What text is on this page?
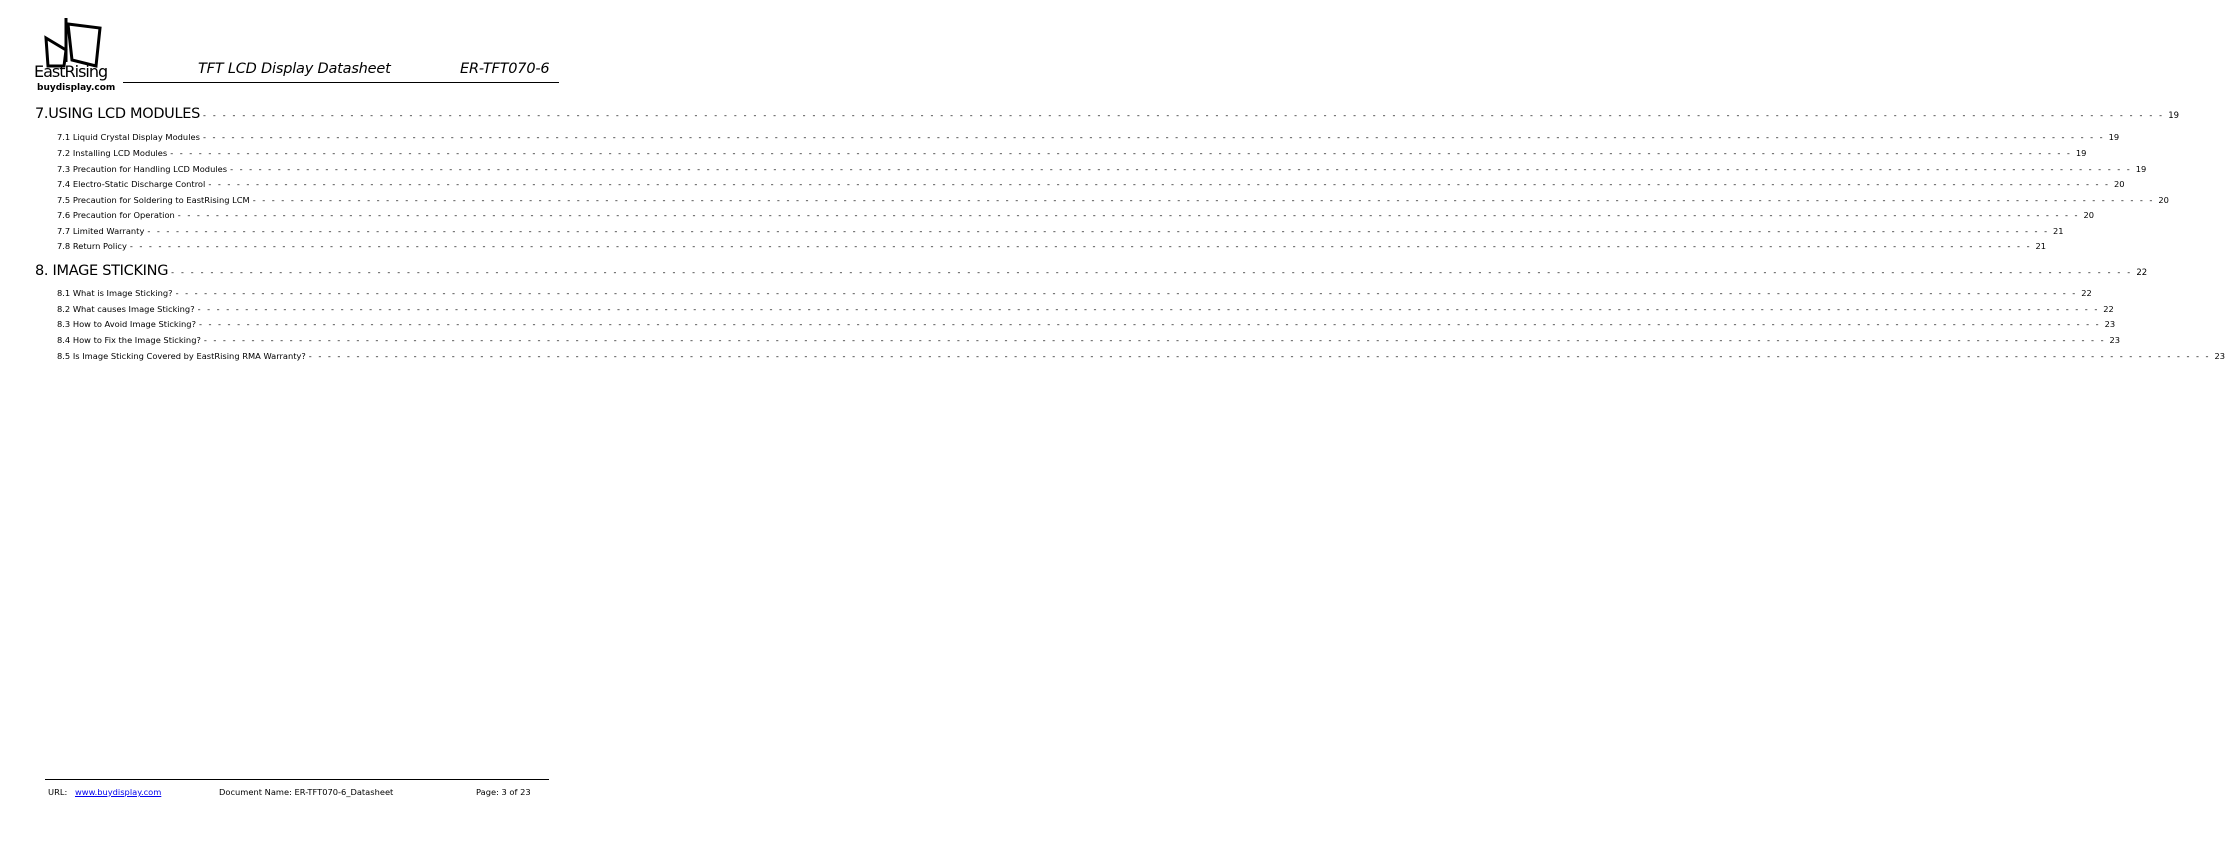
EastRising
buydisplay.com
TFT LCD Display Datasheet	ER-TFT070-6
7.USING LCD MODULES - - - - - - - - - - - - - - - - - - - - - - - - - - - - - - - - - - - - - - - - - - - - - - - - - - - - - - - - - - - - - - - - - - - - - - - - - - - - - - - - - - - - - - - - - - - - - - - - - - - - - - - - - - - - - - - - - - - - - - - - - - - - - - - - - - - - - - - - - - - - - - - - - - - - - - - - - - - - - - - - - - - - - - - - - - - - - - - - - - - - - - - - - - - - - - - - - - - - - - - - 19
7.1 Liquid Crystal Display Modules - - - - - - - - - - - - - - - - - - - - - - - - - - - - - - - - - - - - - - - - - - - - - - - - - - - - - - - - - - - - - - - - - - - - - - - - - - - - - - - - - - - - - - - - - - - - - - - - - - - - - - - - - - - - - - - - - - - - - - - - - - - - - - - - - - - - - - - - - - - - - - - - - - - - - - - - - - - - - - - - - - - - - - - - - - - - - - - - - - - - - - - - - - - - - - - - - - - - - - - - 19
7.2 Installing LCD Modules - - - - - - - - - - - - - - - - - - - - - - - - - - - - - - - - - - - - - - - - - - - - - - - - - - - - - - - - - - - - - - - - - - - - - - - - - - - - - - - - - - - - - - - - - - - - - - - - - - - - - - - - - - - - - - - - - - - - - - - - - - - - - - - - - - - - - - - - - - - - - - - - - - - - - - - - - - - - - - - - - - - - - - - - - - - - - - - - - - - - - - - - - - - - - - - - - - - - - - - - 19
7.3 Precaution for Handling LCD Modules - - - - - - - - - - - - - - - - - - - - - - - - - - - - - - - - - - - - - - - - - - - - - - - - - - - - - - - - - - - - - - - - - - - - - - - - - - - - - - - - - - - - - - - - - - - - - - - - - - - - - - - - - - - - - - - - - - - - - - - - - - - - - - - - - - - - - - - - - - - - - - - - - - - - - - - - - - - - - - - - - - - - - - - - - - - - - - - - - - - - - - - - - - - - - - - - - - - - - - - - 19
7.4 Electro-Static Discharge Control - - - - - - - - - - - - - - - - - - - - - - - - - - - - - - - - - - - - - - - - - - - - - - - - - - - - - - - - - - - - - - - - - - - - - - - - - - - - - - - - - - - - - - - - - - - - - - - - - - - - - - - - - - - - - - - - - - - - - - - - - - - - - - - - - - - - - - - - - - - - - - - - - - - - - - - - - - - - - - - - - - - - - - - - - - - - - - - - - - - - - - - - - - - - - - - - - - - - - - - - 20
7.5 Precaution for Soldering to EastRising LCM - - - - - - - - - - - - - - - - - - - - - - - - - - - - - - - - - - - - - - - - - - - - - - - - - - - - - - - - - - - - - - - - - - - - - - - - - - - - - - - - - - - - - - - - - - - - - - - - - - - - - - - - - - - - - - - - - - - - - - - - - - - - - - - - - - - - - - - - - - - - - - - - - - - - - - - - - - - - - - - - - - - - - - - - - - - - - - - - - - - - - - - - - - - - - - - - - - - - - - - - 20
7.6 Precaution for Operation - - - - - - - - - - - - - - - - - - - - - - - - - - - - - - - - - - - - - - - - - - - - - - - - - - - - - - - - - - - - - - - - - - - - - - - - - - - - - - - - - - - - - - - - - - - - - - - - - - - - - - - - - - - - - - - - - - - - - - - - - - - - - - - - - - - - - - - - - - - - - - - - - - - - - - - - - - - - - - - - - - - - - - - - - - - - - - - - - - - - - - - - - - - - - - - - - - - - - - - - 20
7.7 Limited Warranty - - - - - - - - - - - - - - - - - - - - - - - - - - - - - - - - - - - - - - - - - - - - - - - - - - - - - - - - - - - - - - - - - - - - - - - - - - - - - - - - - - - - - - - - - - - - - - - - - - - - - - - - - - - - - - - - - - - - - - - - - - - - - - - - - - - - - - - - - - - - - - - - - - - - - - - - - - - - - - - - - - - - - - - - - - - - - - - - - - - - - - - - - - - - - - - - - - - - - - - - 21
7.8 Return Policy - - - - - - - - - - - - - - - - - - - - - - - - - - - - - - - - - - - - - - - - - - - - - - - - - - - - - - - - - - - - - - - - - - - - - - - - - - - - - - - - - - - - - - - - - - - - - - - - - - - - - - - - - - - - - - - - - - - - - - - - - - - - - - - - - - - - - - - - - - - - - - - - - - - - - - - - - - - - - - - - - - - - - - - - - - - - - - - - - - - - - - - - - - - - - - - - - - - - - - - - 21
8. IMAGE STICKING - - - - - - - - - - - - - - - - - - - - - - - - - - - - - - - - - - - - - - - - - - - - - - - - - - - - - - - - - - - - - - - - - - - - - - - - - - - - - - - - - - - - - - - - - - - - - - - - - - - - - - - - - - - - - - - - - - - - - - - - - - - - - - - - - - - - - - - - - - - - - - - - - - - - - - - - - - - - - - - - - - - - - - - - - - - - - - - - - - - - - - - - - - - - - - - - - - - - - - - - 22
8.1 What is Image Sticking? - - - - - - - - - - - - - - - - - - - - - - - - - - - - - - - - - - - - - - - - - - - - - - - - - - - - - - - - - - - - - - - - - - - - - - - - - - - - - - - - - - - - - - - - - - - - - - - - - - - - - - - - - - - - - - - - - - - - - - - - - - - - - - - - - - - - - - - - - - - - - - - - - - - - - - - - - - - - - - - - - - - - - - - - - - - - - - - - - - - - - - - - - - - - - - - - - - - - - - - - 22
8.2 What causes Image Sticking? - - - - - - - - - - - - - - - - - - - - - - - - - - - - - - - - - - - - - - - - - - - - - - - - - - - - - - - - - - - - - - - - - - - - - - - - - - - - - - - - - - - - - - - - - - - - - - - - - - - - - - - - - - - - - - - - - - - - - - - - - - - - - - - - - - - - - - - - - - - - - - - - - - - - - - - - - - - - - - - - - - - - - - - - - - - - - - - - - - - - - - - - - - - - - - - - - - - - - - - - 22
8.3 How to Avoid Image Sticking? - - - - - - - - - - - - - - - - - - - - - - - - - - - - - - - - - - - - - - - - - - - - - - - - - - - - - - - - - - - - - - - - - - - - - - - - - - - - - - - - - - - - - - - - - - - - - - - - - - - - - - - - - - - - - - - - - - - - - - - - - - - - - - - - - - - - - - - - - - - - - - - - - - - - - - - - - - - - - - - - - - - - - - - - - - - - - - - - - - - - - - - - - - - - - - - - - - - - - - - - 23
8.4 How to Fix the Image Sticking? - - - - - - - - - - - - - - - - - - - - - - - - - - - - - - - - - - - - - - - - - - - - - - - - - - - - - - - - - - - - - - - - - - - - - - - - - - - - - - - - - - - - - - - - - - - - - - - - - - - - - - - - - - - - - - - - - - - - - - - - - - - - - - - - - - - - - - - - - - - - - - - - - - - - - - - - - - - - - - - - - - - - - - - - - - - - - - - - - - - - - - - - - - - - - - - - - - - - - - - - 23
8.5 Is Image Sticking Covered by EastRising RMA Warranty? - - - - - - - - - - - - - - - - - - - - - - - - - - - - - - - - - - - - - - - - - - - - - - - - - - - - - - - - - - - - - - - - - - - - - - - - - - - - - - - - - - - - - - - - - - - - - - - - - - - - - - - - - - - - - - - - - - - - - - - - - - - - - - - - - - - - - - - - - - - - - - - - - - - - - - - - - - - - - - - - - - - - - - - - - - - - - - - - - - - - - - - - - - - - - - - - - - - - - - - - 23
URL: www.buydisplay.com	Document Name: ER-TFT070-6_Datasheet	Page: 3 of 23
